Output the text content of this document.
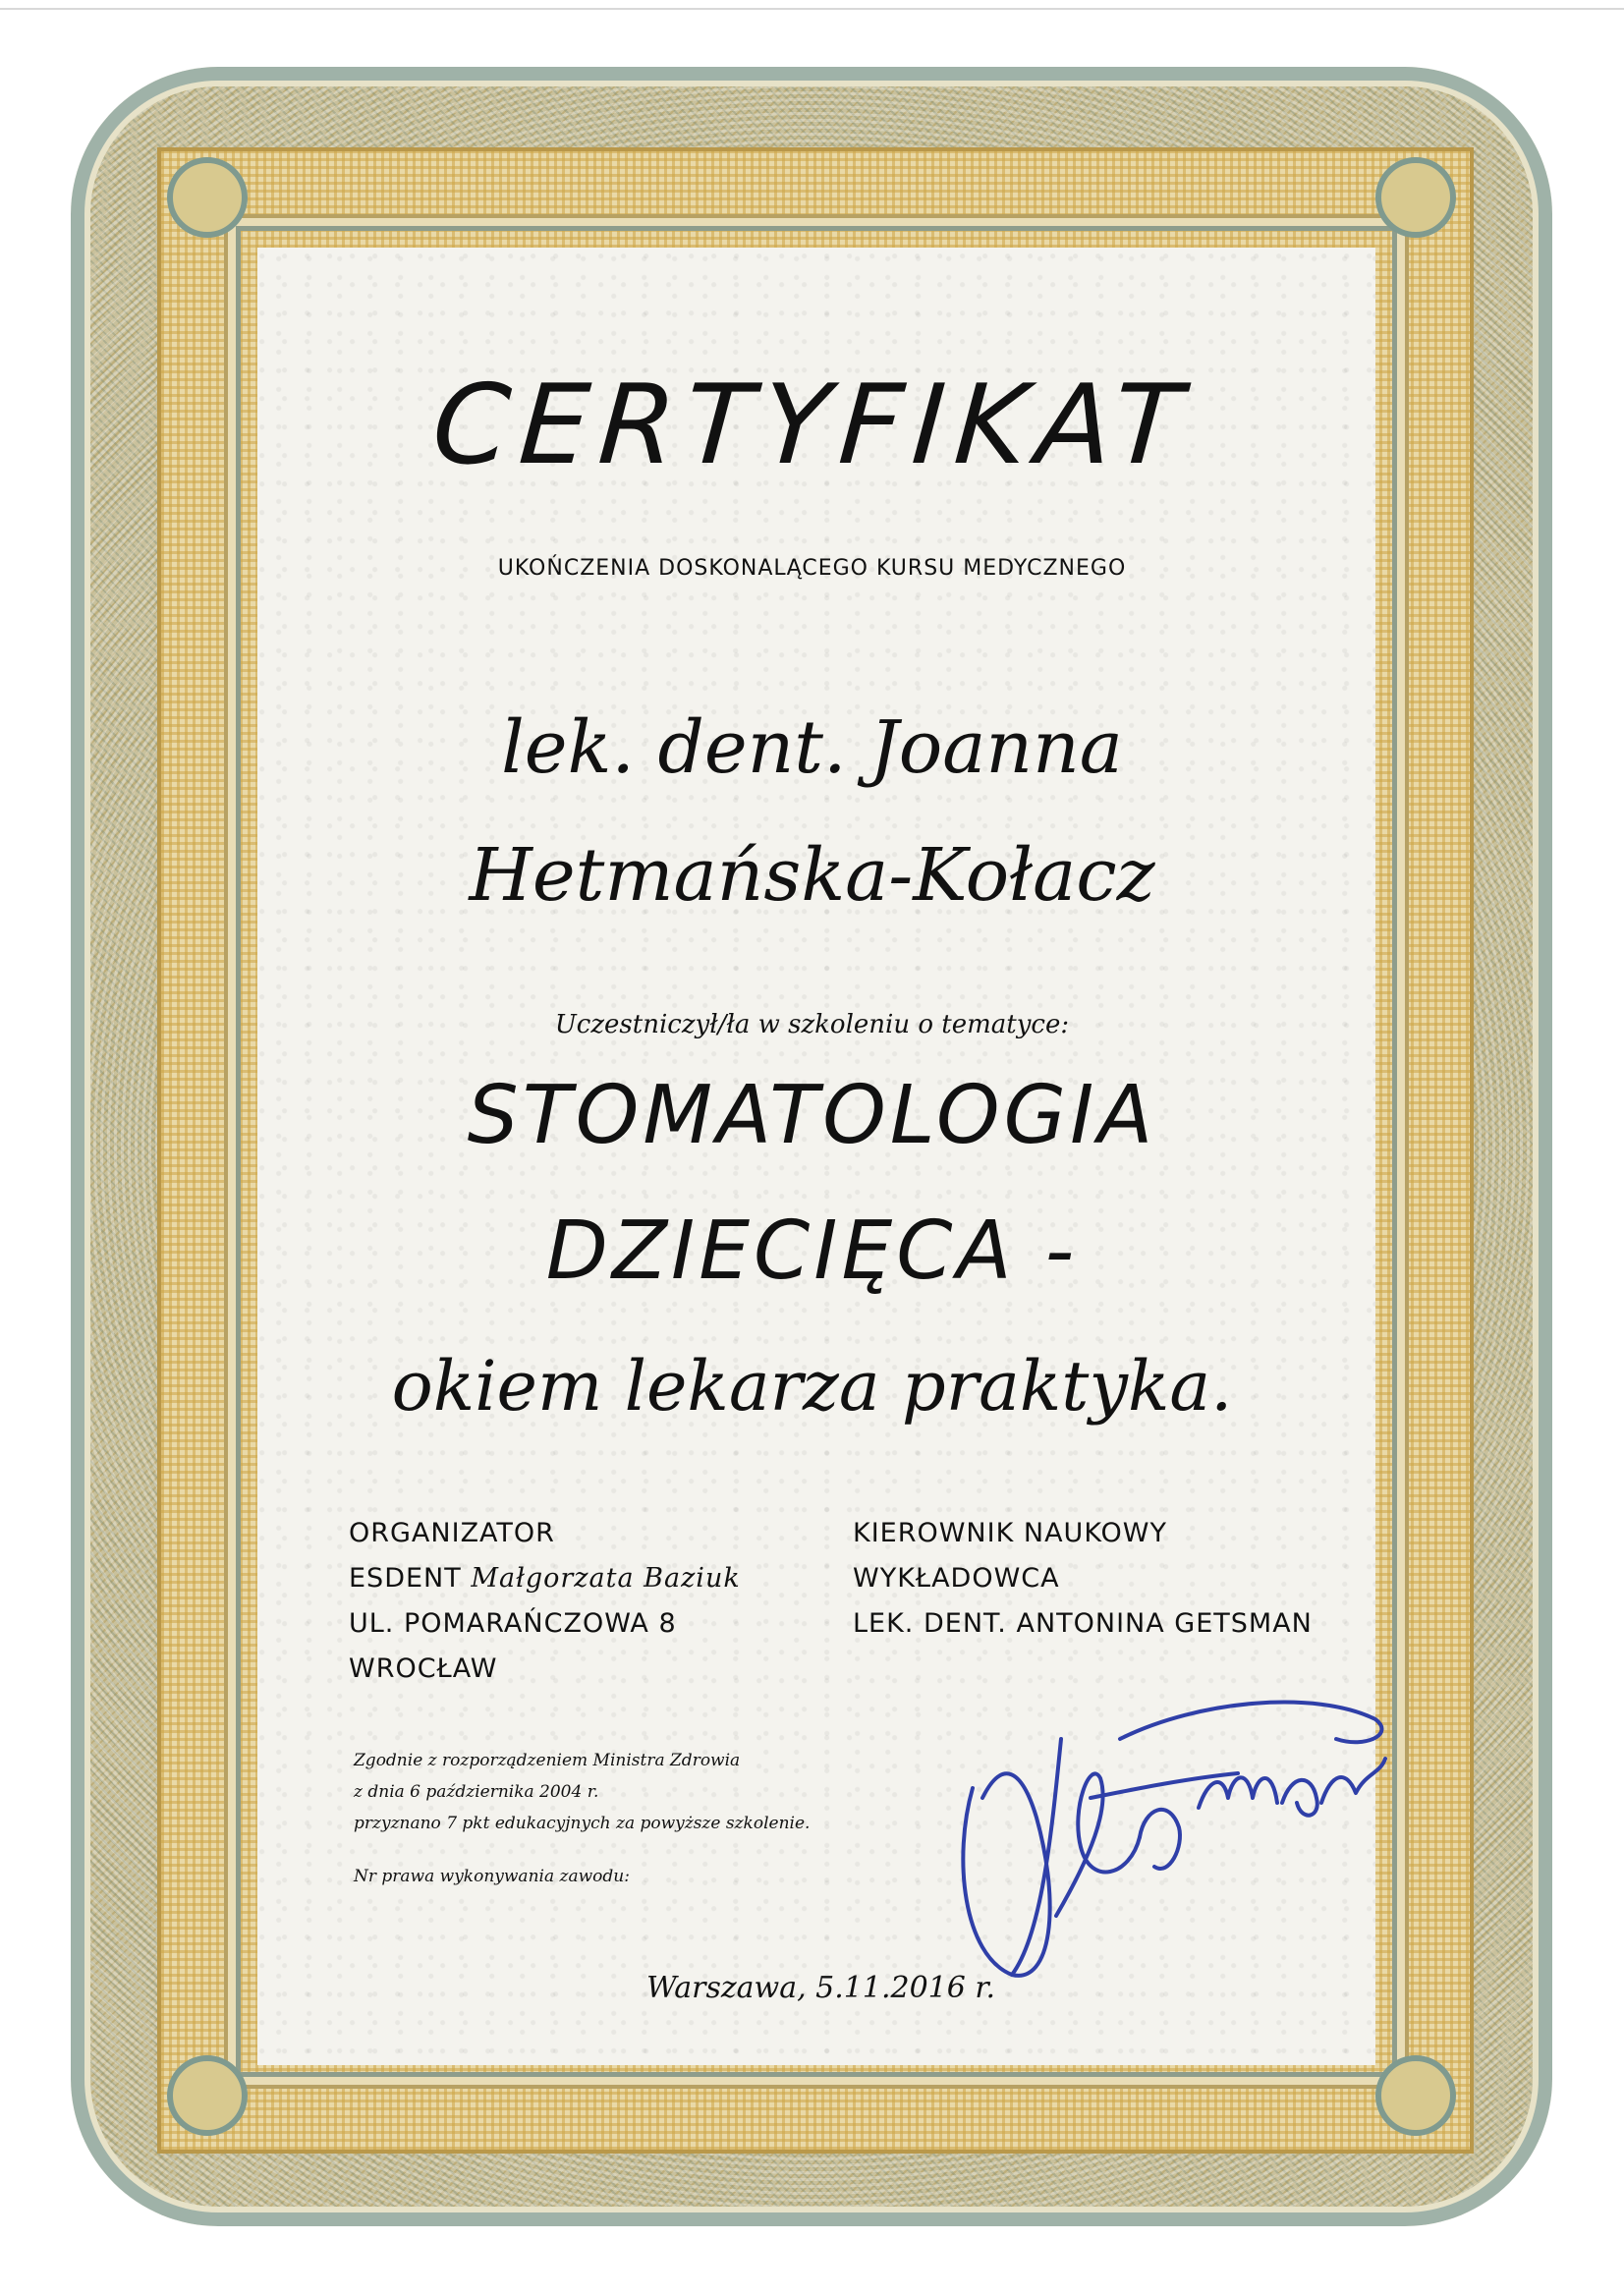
CERTYFIKAT
UKOŃCZENIA DOSKONALĄCEGO KURSU MEDYCZNEGO
lek. dent. Joanna
Hetmańska-Kołacz
Uczestniczył/ła w szkoleniu o tematyce:
STOMATOLOGIA
DZIECIĘCA -
okiem lekarza praktyka.
ORGANIZATOR
ESDENT Małgorzata Baziuk
UL. POMARAŃCZOWA 8
WROCŁAW
KIEROWNIK NAUKOWY
WYKŁADOWCA
LEK. DENT. ANTONINA GETSMAN
Zgodnie z rozporządzeniem Ministra Zdrowia
z dnia 6 października 2004 r.
przyznano 7 pkt edukacyjnych za powyższe szkolenie.
Nr prawa wykonywania zawodu:
Warszawa, 5.11.2016 r.
